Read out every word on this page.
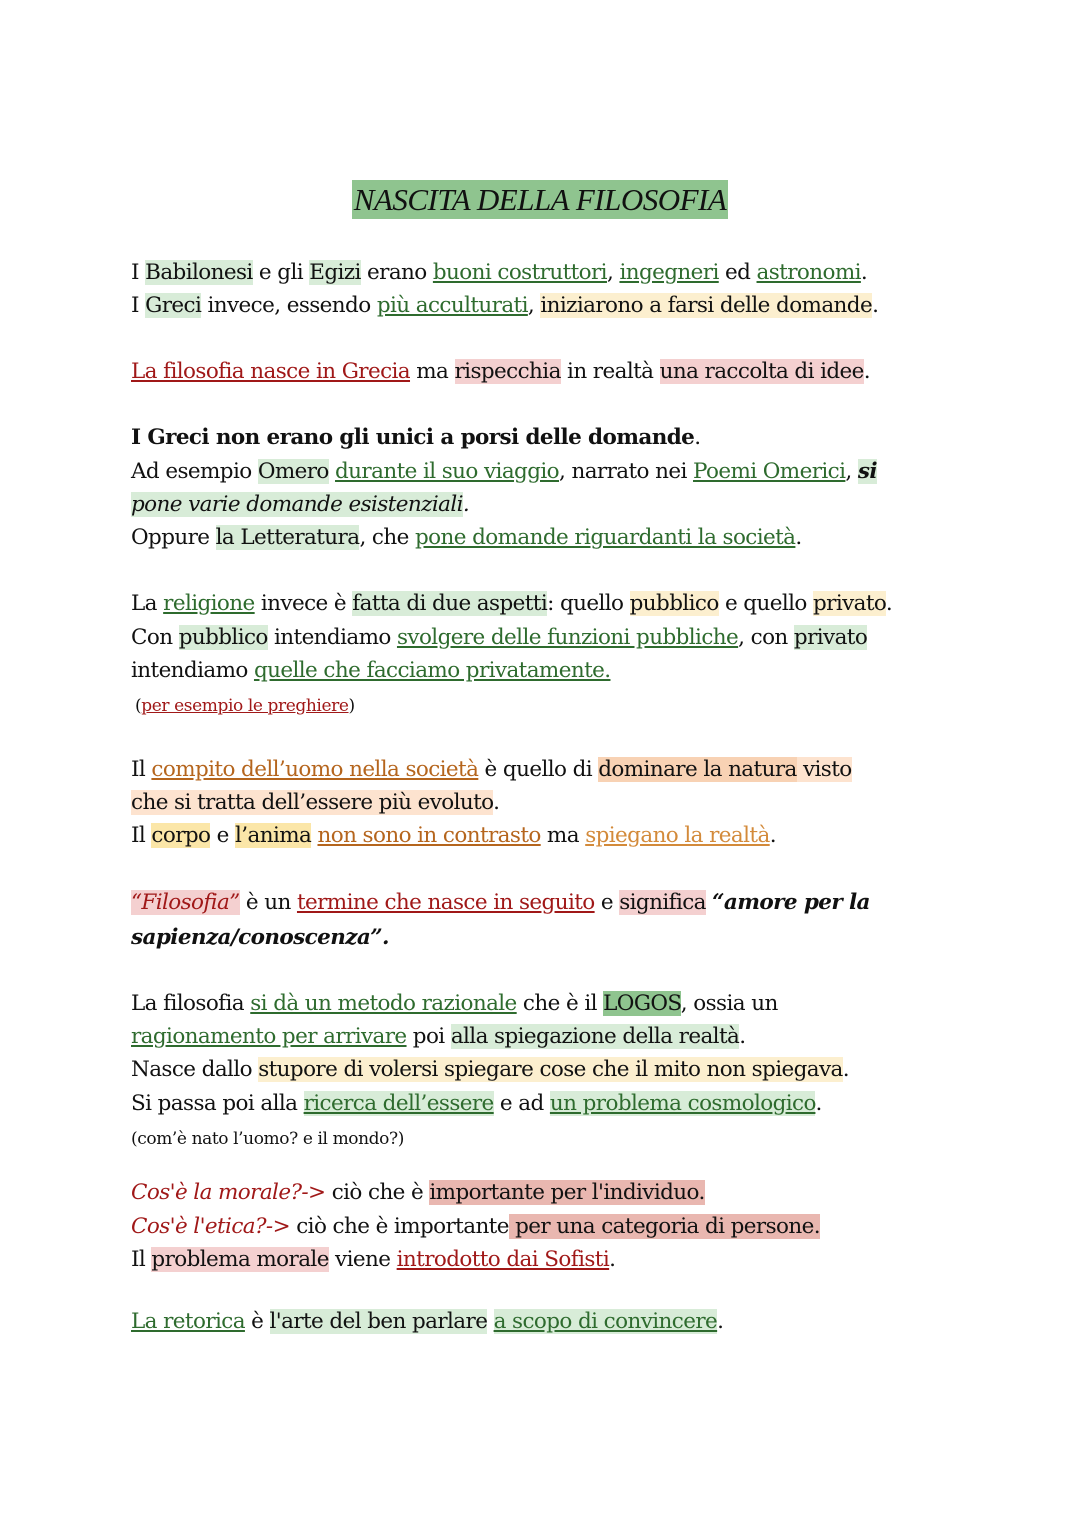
NASCITA DELLA FILOSOFIA
I Babilonesi e gli Egizi erano buoni costruttori, ingegneri ed astronomi.
I Greci invece, essendo più acculturati, iniziarono a farsi delle domande.
La filosofia nasce in Grecia ma rispecchia in realtà una raccolta di idee.
I Greci non erano gli unici a porsi delle domande.
Ad esempio Omero durante il suo viaggio, narrato nei Poemi Omerici, si
pone varie domande esistenziali.
Oppure la Letteratura, che pone domande riguardanti la società.
La religione invece è fatta di due aspetti: quello pubblico e quello privato.
Con pubblico intendiamo svolgere delle funzioni pubbliche, con privato
intendiamo quelle che facciamo privatamente.
(per esempio le preghiere)
Il compito dell’uomo nella società è quello di dominare la natura visto
che si tratta dell’essere più evoluto.
Il corpo e l’anima non sono in contrasto ma spiegano la realtà.
“Filosofia” è un termine che nasce in seguito e significa “amore per la
sapienza/conoscenza”.
La filosofia si dà un metodo razionale che è il LOGOS, ossia un
ragionamento per arrivare poi alla spiegazione della realtà.
Nasce dallo stupore di volersi spiegare cose che il mito non spiegava.
Si passa poi alla ricerca dell’essere e ad un problema cosmologico.
(com’è nato l’uomo? e il mondo?)
Cos'è la morale?-> ciò che è importante per l'individuo.
Cos'è l'etica?-> ciò che è importante per una categoria di persone.
Il problema morale viene introdotto dai Sofisti.
La retorica è l'arte del ben parlare a scopo di convincere.
